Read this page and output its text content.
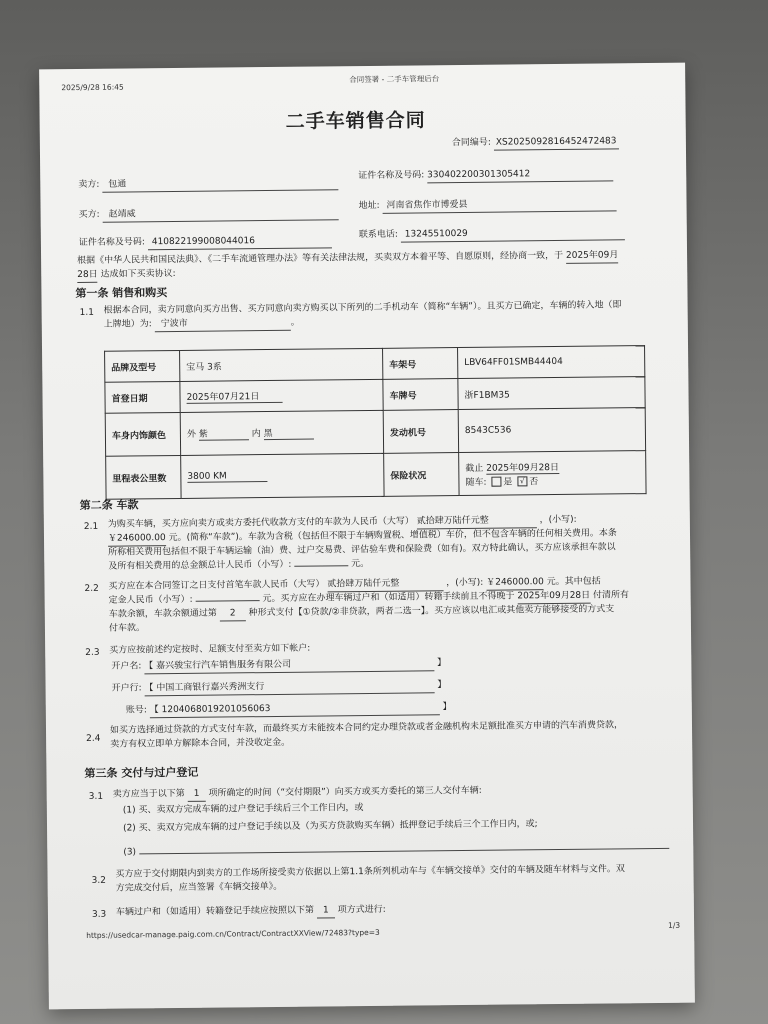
2025/9/28 16:45
合同签署 - 二手车管理后台
二手车销售合同
合同编号: XS2025092816452472483
卖方: 包通
证件名称及号码: 330402200301305412
买方: 赵靖威
地址: 河南省焦作市博爱县
证件名称及号码: 410822199008044016
联系电话: 13245510029
根据《中华人民共和国民法典》、《二手车流通管理办法》等有关法律法规，买卖双方本着平等、自愿原则，经协商一致，于 2025年09月
28日 达成如下买卖协议:
第一条 销售和购买
1.1 根据本合同，卖方同意向买方出售、买方同意向卖方购买以下所列的二手机动车（简称“车辆”）。且买方已确定，车辆的转入地（即
上牌地）为: 宁波市	。
品牌及型号	宝马 3系	车架号	LBV64FF01SMB44404
首登日期	2025年07月21日	车牌号	浙F1BM35
车身内饰颜色	外 紫 内 黑	发动机号	8543C536
里程表公里数	3800 KM	保险状况	截止 2025年09月28日
随车: 是 √ 否
第二条 车款
2.1 为购买车辆，买方应向卖方或卖方委托代收款方支付的车款为人民币（大写） 贰拾肆万陆仟元整	，(小写):
￥246000.00 元。(简称“车款”)。车款为含税（包括但不限于车辆购置税、增值税）车价，但不包含车辆的任何相关费用。本条
所称相关费用包括但不限于车辆运输（油）费、过户交易费、评估验车费和保险费（如有)。双方特此确认，买方应该承担车款以
及所有相关费用的总金额总计人民币（小写）:	元。
2.2 买方应在本合同签订之日支付首笔车款人民币（大写） 贰拾肆万陆仟元整	，(小写): ￥246000.00 元。其中包括
定金人民币（小写）:	元。买方应在办理车辆过户和（如适用）转籍手续前且不得晚于 2025年09月28日 付清所有
车款余额，车款余额通过第 2 种形式支付【①贷款/②非贷款，两者二选一】。买方应该以电汇或其他卖方能够接受的方式支
付车款。
2.3 买方应按前述约定按时、足额支付至卖方如下帐户:
开户名: 【 嘉兴骏宝行汽车销售服务有限公司	】
开户行: 【 中国工商银行嘉兴秀洲支行	】
账号: 【 1204068019201056063	】
2.4
如买方选择通过贷款的方式支付车款，而最终买方未能按本合同约定办理贷款或者金融机构未足额批准买方申请的汽车消费贷款，
卖方有权立即单方解除本合同，并没收定金。
第三条 交付与过户登记
3.1 卖方应当于以下第 1 项所确定的时间（“交付期限”）向买方或买方委托的第三人交付车辆:
(1) 买、卖双方完成车辆的过户登记手续后三个工作日内，或
(2) 买、卖双方完成车辆的过户登记手续以及（为买方贷款购买车辆）抵押登记手续后三个工作日内，或;
(3)
3.2
买方应于交付期限内到卖方的工作场所接受卖方依据以上第1.1条所列机动车与《车辆交接单》交付的车辆及随车材料与文件。双
方完成交付后，应当签署《车辆交接单》。
3.3 车辆过户和（如适用）转籍登记手续应按照以下第 1 项方式进行:
https://usedcar-manage.paig.com.cn/Contract/ContractXXView/72483?type=3
1/3
